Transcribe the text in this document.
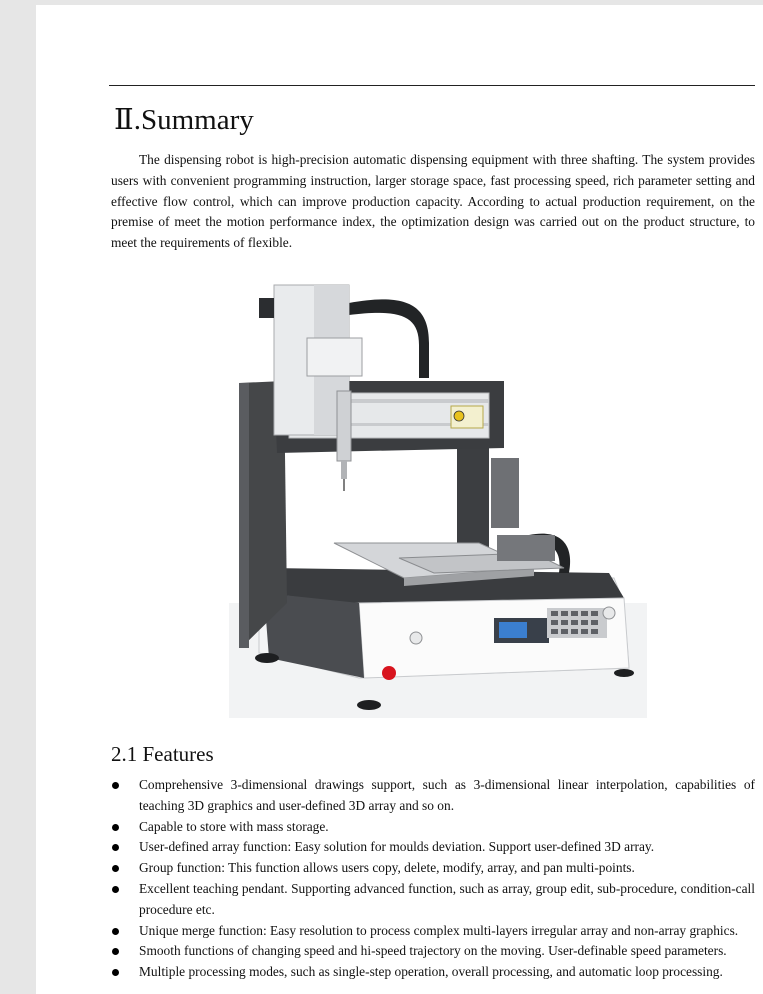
Ⅱ.Summary

The dispensing robot is high-precision automatic dispensing equipment with three shafting. The system provides users with convenient programming instruction, larger storage space, fast processing speed, rich parameter setting and effective flow control, which can improve production capacity. According to actual production requirement, on the premise of meet the motion performance index, the optimization design was carried out on the product structure, to meet the requirements of flexible.

2.1 Features
Comprehensive 3-dimensional drawings support, such as 3-dimensional linear interpolation, capabilities of teaching 3D graphics and user-defined 3D array and so on.
Capable to store with mass storage.
User-defined array function: Easy solution for moulds deviation. Support user-defined 3D array.
Group function: This function allows users copy, delete, modify, array, and pan multi-points.
Excellent teaching pendant. Supporting advanced function, such as array, group edit, sub-procedure, condition-call procedure etc.
Unique merge function: Easy resolution to process complex multi-layers irregular array and non-array graphics.
Smooth functions of changing speed and hi-speed trajectory on the moving. User-definable speed parameters.
Multiple processing modes, such as single-step operation, overall processing, and automatic loop processing.
